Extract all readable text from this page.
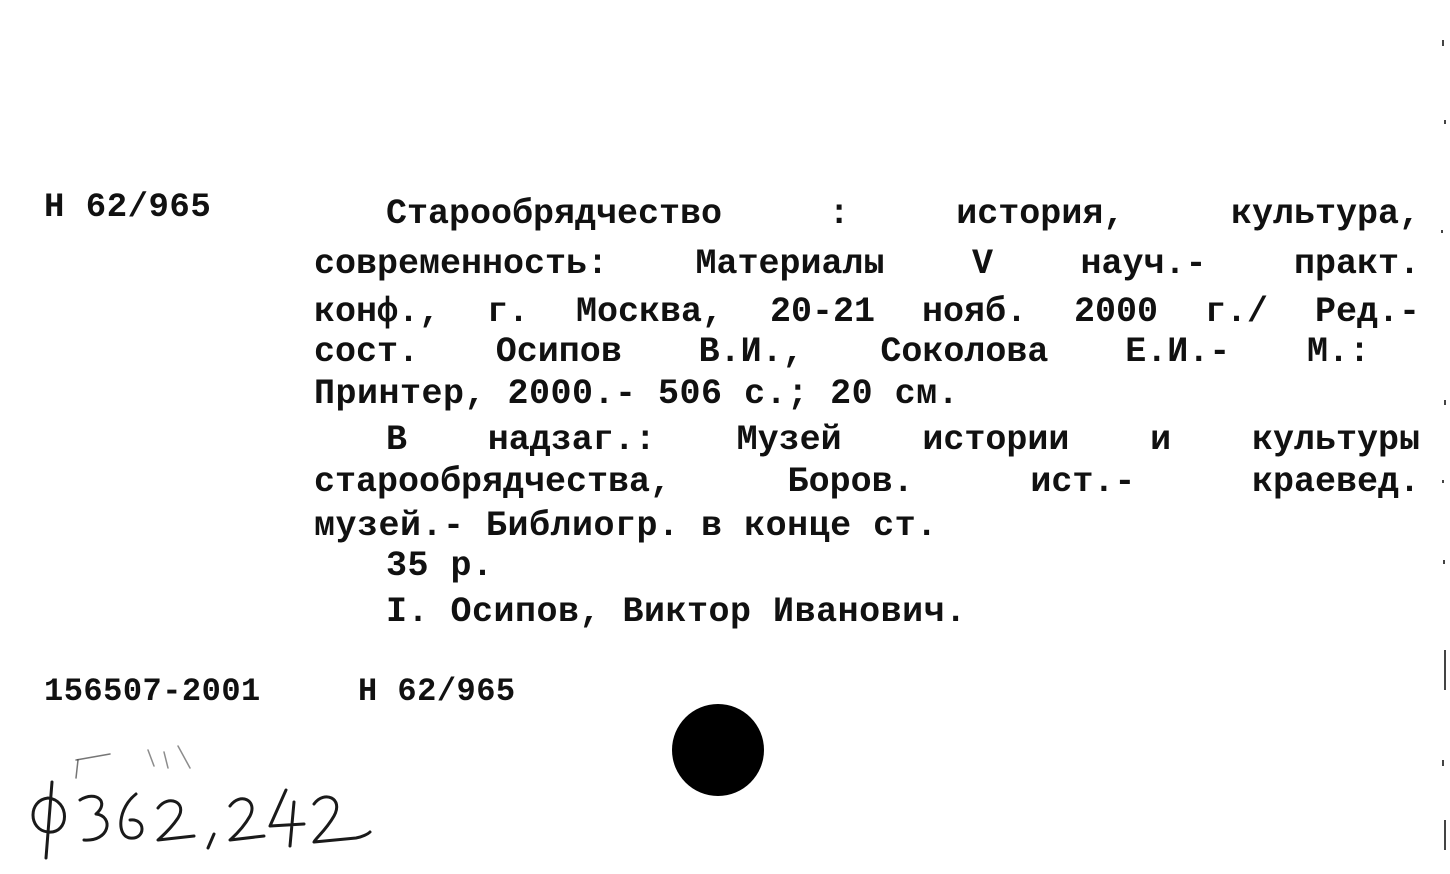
Н 62/965	Старообрядчество	:	история,	культура,
современность: Материалы V науч.- практ.
конф., г. Москва, 20-21 нояб. 2000 г./ Ред.-
сост. Осипов В.И., Соколова Е.И.- М.:
Принтер, 2000.- 506 с.; 20 см.
В надзаг.: Музей истории и культуры
старообрядчества,	Боров.	ист.-	краевед.
музей.- Библиогр. в конце ст.
35 р.
I. Осипов, Виктор Иванович.
156507-2001	Н 62/965
